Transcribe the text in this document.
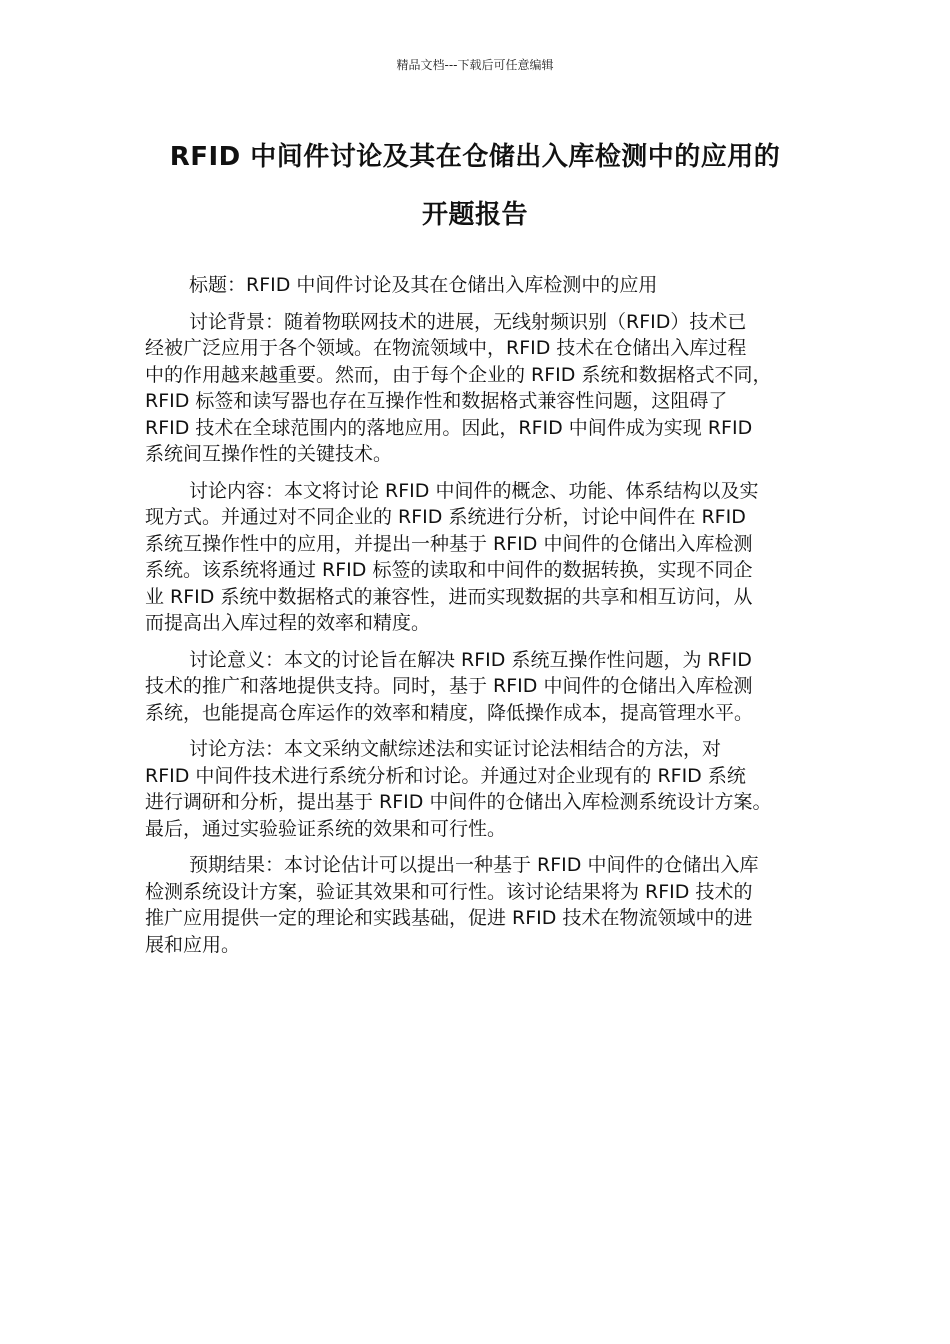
精品文档---下载后可任意编辑
RFID 中间件讨论及其在仓储出入库检测中的应用的
开题报告

标题：RFID 中间件讨论及其在仓储出入库检测中的应用

讨论背景：随着物联网技术的进展，无线射频识别（RFID）技术已
经被广泛应用于各个领域。在物流领域中，RFID 技术在仓储出入库过程
中的作用越来越重要。然而，由于每个企业的 RFID 系统和数据格式不同，
RFID 标签和读写器也存在互操作性和数据格式兼容性问题，这阻碍了
RFID 技术在全球范围内的落地应用。因此，RFID 中间件成为实现 RFID
系统间互操作性的关键技术。

讨论内容：本文将讨论 RFID 中间件的概念、功能、体系结构以及实
现方式。并通过对不同企业的 RFID 系统进行分析，讨论中间件在 RFID
系统互操作性中的应用，并提出一种基于 RFID 中间件的仓储出入库检测
系统。该系统将通过 RFID 标签的读取和中间件的数据转换，实现不同企
业 RFID 系统中数据格式的兼容性，进而实现数据的共享和相互访问，从
而提高出入库过程的效率和精度。

讨论意义：本文的讨论旨在解决 RFID 系统互操作性问题，为 RFID
技术的推广和落地提供支持。同时，基于 RFID 中间件的仓储出入库检测
系统，也能提高仓库运作的效率和精度，降低操作成本，提高管理水平。

讨论方法：本文采纳文献综述法和实证讨论法相结合的方法，对
RFID 中间件技术进行系统分析和讨论。并通过对企业现有的 RFID 系统
进行调研和分析，提出基于 RFID 中间件的仓储出入库检测系统设计方案。
最后，通过实验验证系统的效果和可行性。

预期结果：本讨论估计可以提出一种基于 RFID 中间件的仓储出入库
检测系统设计方案，验证其效果和可行性。该讨论结果将为 RFID 技术的
推广应用提供一定的理论和实践基础，促进 RFID 技术在物流领域中的进
展和应用。
